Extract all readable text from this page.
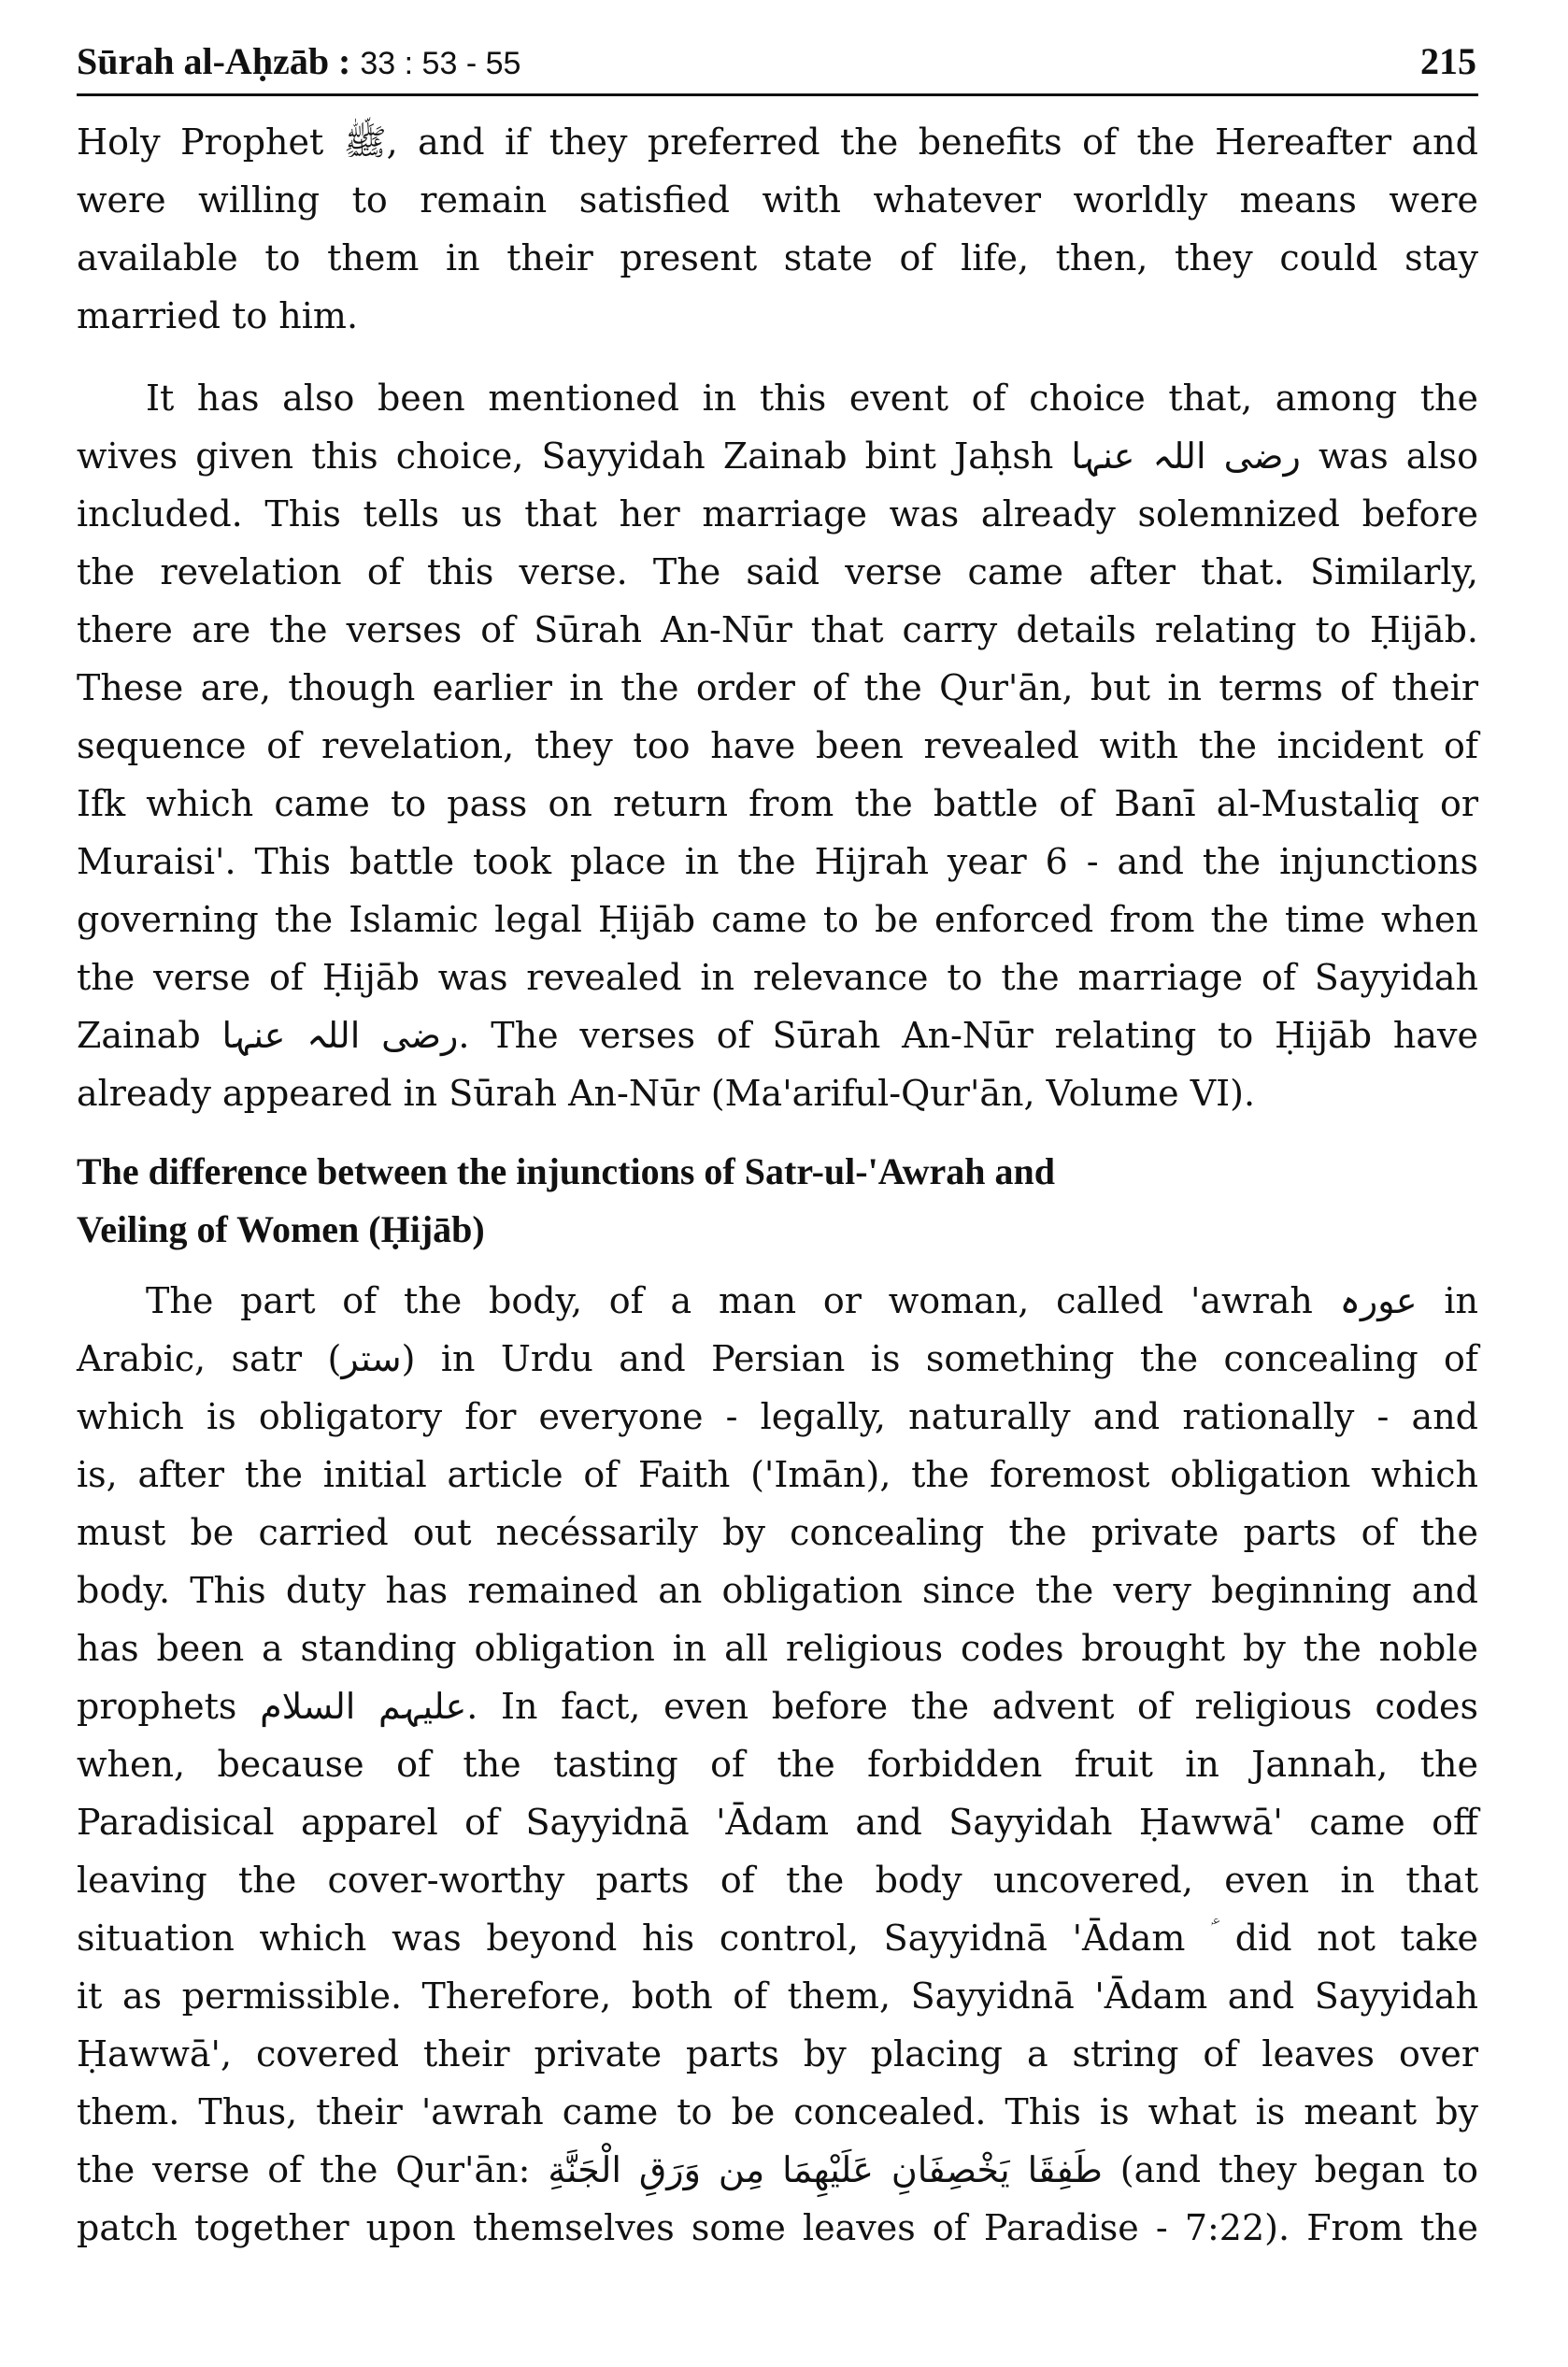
Sūrah al-Aḥzāb : 33 : 53 - 55	215

Holy Prophet ﷺ, and if they preferred the benefits of the Hereafter and
were willing to remain satisfied with whatever worldly means were
available to them in their present state of life, then, they could stay
married to him.

It has also been mentioned in this event of choice that, among the
wives given this choice, Sayyidah Zainab bint Jaḥsh رضی اللہ عنہا was also
included. This tells us that her marriage was already solemnized before
the revelation of this verse. The said verse came after that. Similarly,
there are the verses of Sūrah An-Nūr that carry details relating to Ḥijāb.
These are, though earlier in the order of the Qur'ān, but in terms of their
sequence of revelation, they too have been revealed with the incident of
Ifk which came to pass on return from the battle of Banī al-Mustaliq or
Muraisi'. This battle took place in the Hijrah year 6 - and the injunctions
governing the Islamic legal Ḥijāb came to be enforced from the time when
the verse of Ḥijāb was revealed in relevance to the marriage of Sayyidah
Zainab رضی اللہ عنہا. The verses of Sūrah An-Nūr relating to Ḥijāb have
already appeared in Sūrah An-Nūr (Ma'ariful-Qur'ān, Volume VI).

The difference between the injunctions of Satr-ul-'Awrah and
Veiling of Women (Ḥijāb)

The part of the body, of a man or woman, called 'awrah عورہ in
Arabic, satr (ستر) in Urdu and Persian is something the concealing of
which is obligatory for everyone - legally, naturally and rationally - and
is, after the initial article of Faith ('Imān), the foremost obligation which
must be carried out necéssarily by concealing the private parts of the
body. This duty has remained an obligation since the very beginning and
has been a standing obligation in all religious codes brought by the noble
prophets علیہم السلام. In fact, even before the advent of religious codes
when, because of the tasting of the forbidden fruit in Jannah, the
Paradisical apparel of Sayyidnā 'Ādam and Sayyidah Ḥawwā' came off
leaving the cover-worthy parts of the body uncovered, even in that
situation which was beyond his control, Sayyidnā 'Ādam ؑ did not take
it as permissible. Therefore, both of them, Sayyidnā 'Ādam and Sayyidah
Ḥawwā', covered their private parts by placing a string of leaves over
them. Thus, their 'awrah came to be concealed. This is what is meant by
the verse of the Qur'ān: طَفِقَا يَخْصِفَانِ عَلَيْهِمَا مِن وَرَقِ الْجَنَّةِ (and they began to
patch together upon themselves some leaves of Paradise - 7:22). From the
